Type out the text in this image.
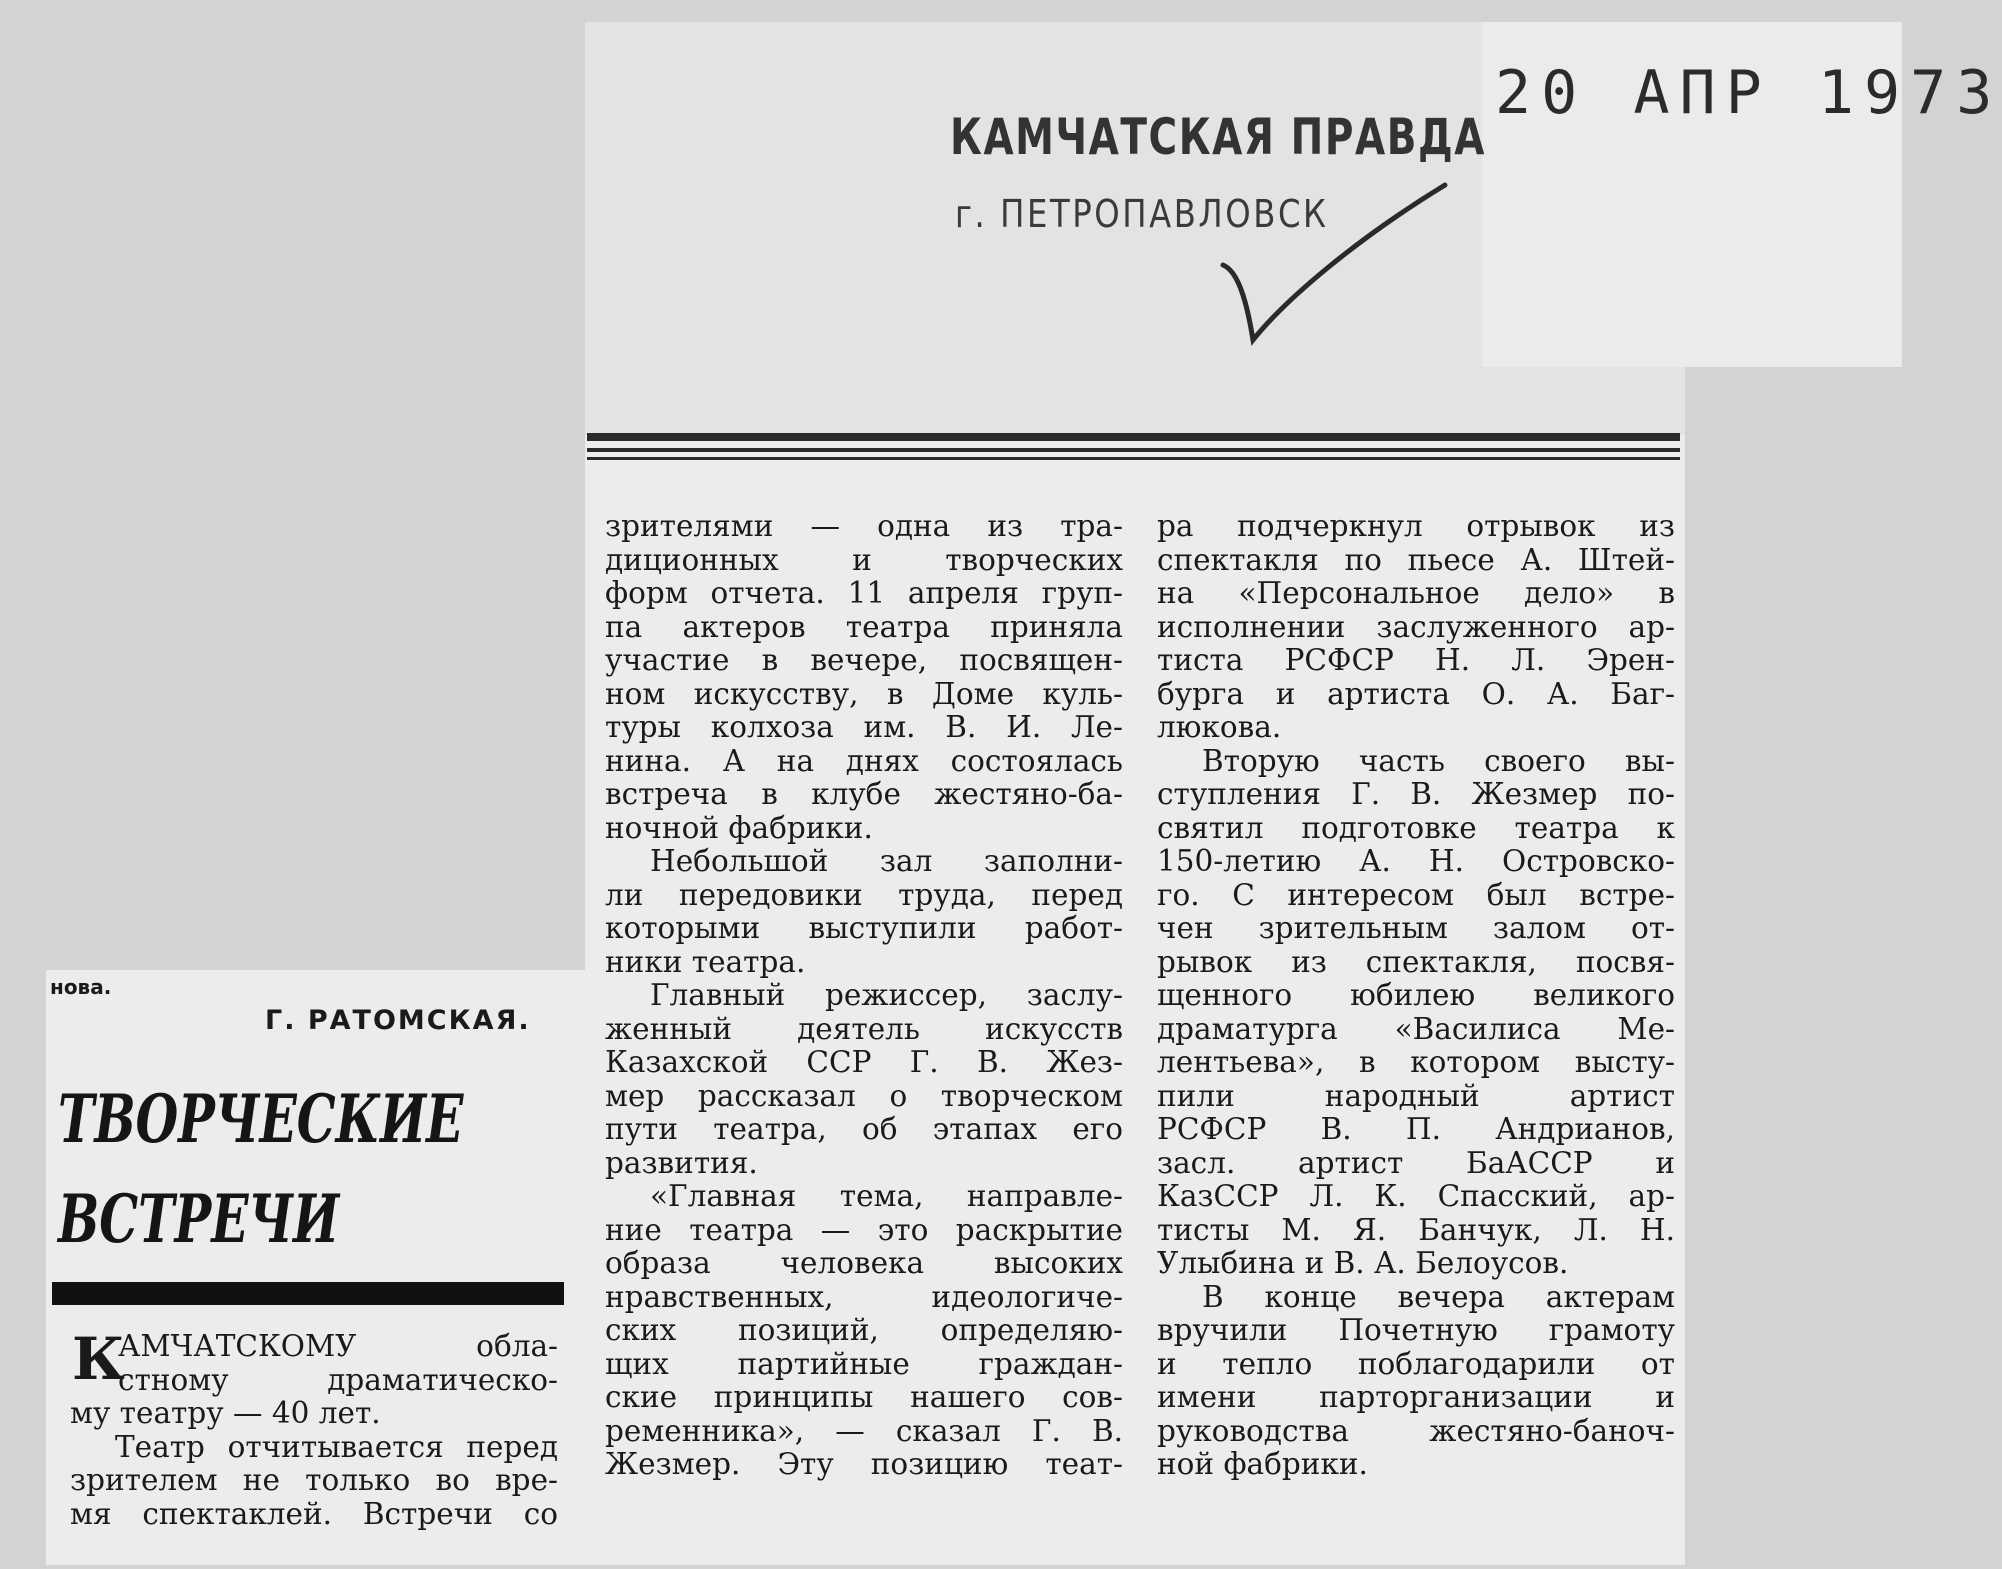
20 АПР 1973
КАМЧАТСКАЯ ПРАВДА
г. ПЕТРОПАВЛОВСК
нова.
Г. РАТОМСКАЯ.
ТВОРЧЕСКИЕ
ВСТРЕЧИ
К
АМЧАТСКОМУ обла-
стному драматическо-
му театру — 40 лет.
Театр отчитывается перед
зрителем не только во вре-
мя спектаклей. Встречи со
зрителями — одна из тра-
диционных и творческих
форм отчета. 11 апреля груп-
па актеров театра приняла
участие в вечере, посвящен-
ном искусству, в Доме куль-
туры колхоза им. В. И. Ле-
нина. А на днях состоялась
встреча в клубе жестяно-ба-
ночной фабрики.
Небольшой зал заполни-
ли передовики труда, перед
которыми выступили работ-
ники театра.
Главный режиссер, заслу-
женный деятель искусств
Казахской ССР Г. В. Жез-
мер рассказал о творческом
пути театра, об этапах его
развития.
«Главная тема, направле-
ние театра — это раскрытие
образа человека высоких
нравственных, идеологиче-
ских позиций, определяю-
щих партийные граждан-
ские принципы нашего сов-
ременника», — сказал Г. В.
Жезмер. Эту позицию теат-
ра подчеркнул отрывок из
спектакля по пьесе А. Штей-
на «Персональное дело» в
исполнении заслуженного ар-
тиста РСФСР Н. Л. Эрен-
бурга и артиста О. А. Баг-
люкова.
Вторую часть своего вы-
ступления Г. В. Жезмер по-
святил подготовке театра к
150-летию А. Н. Островско-
го. С интересом был встре-
чен зрительным залом от-
рывок из спектакля, посвя-
щенного юбилею великого
драматурга «Василиса Ме-
лентьева», в котором высту-
пили народный артист
РСФСР В. П. Андрианов,
засл. артист БаАССР и
КазССР Л. К. Спасский, ар-
тисты М. Я. Банчук, Л. Н.
Улыбина и В. А. Белоусов.
В конце вечера актерам
вручили Почетную грамоту
и тепло поблагодарили от
имени парторганизации и
руководства жестяно-баноч-
ной фабрики.
